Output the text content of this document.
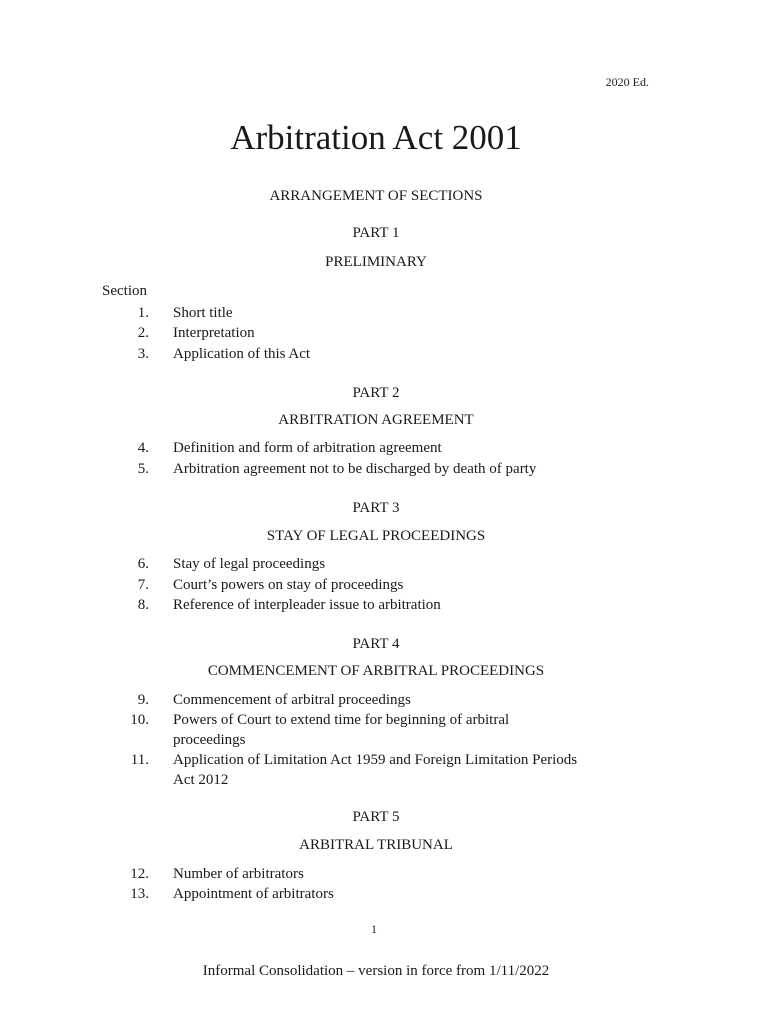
2020 Ed.
Arbitration Act 2001
ARRANGEMENT OF SECTIONS
PART 1
PRELIMINARY
Section
1. Short title
2. Interpretation
3. Application of this Act
PART 2
ARBITRATION AGREEMENT
4. Definition and form of arbitration agreement
5. Arbitration agreement not to be discharged by death of party
PART 3
STAY OF LEGAL PROCEEDINGS
6. Stay of legal proceedings
7. Court’s powers on stay of proceedings
8. Reference of interpleader issue to arbitration
PART 4
COMMENCEMENT OF ARBITRAL PROCEEDINGS
9. Commencement of arbitral proceedings
10. Powers of Court to extend time for beginning of arbitral proceedings
11. Application of Limitation Act 1959 and Foreign Limitation Periods Act 2012
PART 5
ARBITRAL TRIBUNAL
12. Number of arbitrators
13. Appointment of arbitrators
1
Informal Consolidation – version in force from 1/11/2022
